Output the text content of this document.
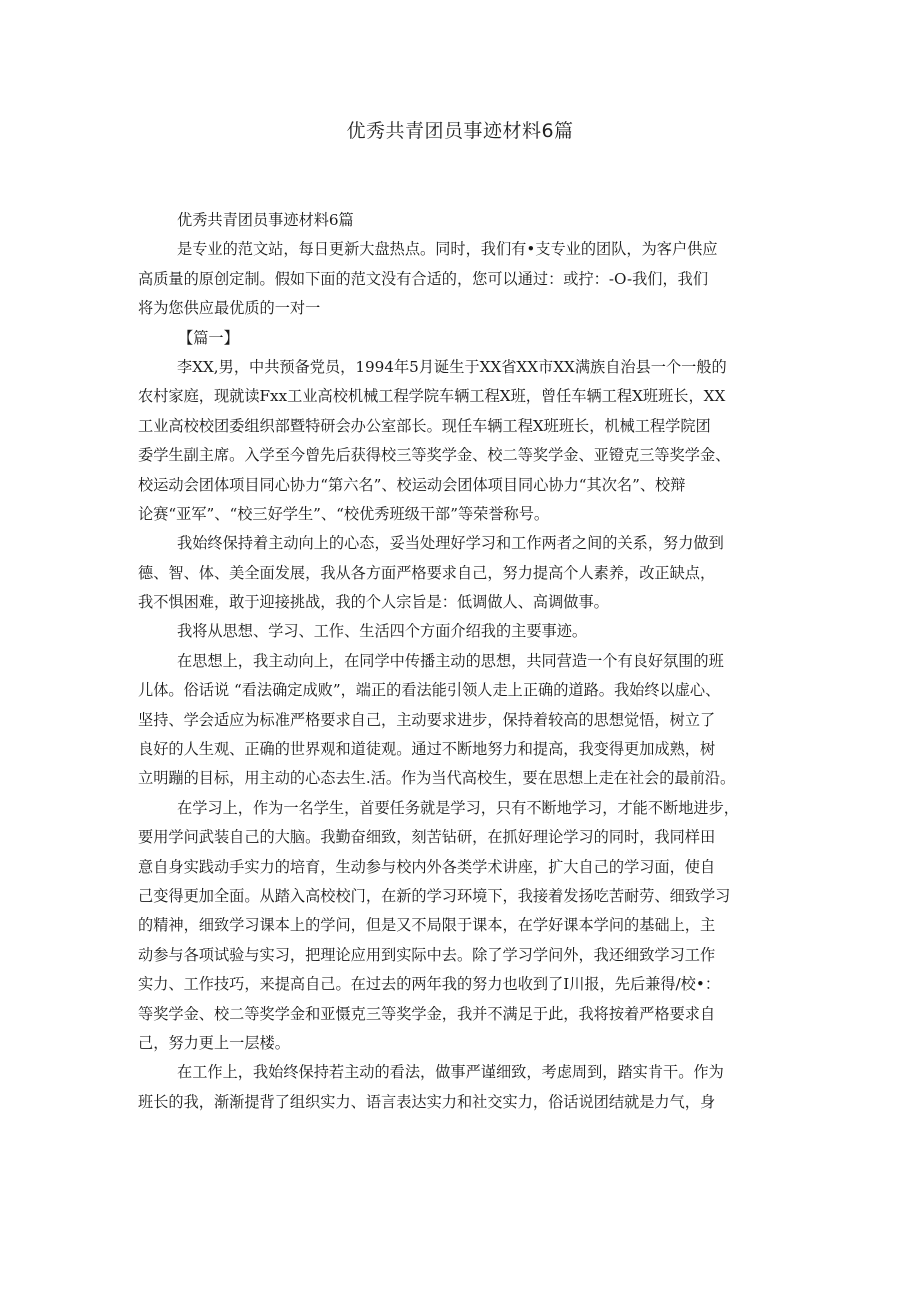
优秀共青团员事迹材料6篇
优秀共青团员事迹材料6篇
是专业的范文站，每日更新大盘热点。同时，我们有•支专业的团队，为客户供应
高质量的原创定制。假如下面的范文没有合适的，您可以通过：或拧：-O-我们，我们
将为您供应最优质的一对一
【篇一】
李XX,男，中共预备党员，1994年5月诞生于XX省XX市XX满族自治县一个一般的
农村家庭，现就读Fxx工业高校机械工程学院车辆工程X班，曾任车辆工程X班班长，XX
工业高校校团委组织部暨特研会办公室部长。现任车辆工程X班班长，机械工程学院团
委学生副主席。入学至今曾先后获得校三等奖学金、校二等奖学金、亚镫克三等奖学金、
校运动会团体项目同心协力“第六名”、校运动会团体项目同心协力“其次名”、校辩
论赛“亚军”、“校三好学生”、“校优秀班级干部”等荣誉称号。
我始终保持着主动向上的心态，妥当处理好学习和工作两者之间的关系，努力做到
德、智、体、美全面发展，我从各方面严格要求自己，努力提高个人素养，改正缺点，
我不惧困难，敢于迎接挑战，我的个人宗旨是：低调做人、高调做事。
我将从思想、学习、工作、生活四个方面介绍我的主要事迹。
在思想上，我主动向上，在同学中传播主动的思想，共同营造一个有良好氛围的班
儿体。俗话说 “看法确定成败”，端正的看法能引领人走上正确的道路。我始终以虚心、
坚持、学会适应为标准严格要求自己，主动要求进步，保持着较高的思想觉悟，树立了
良好的人生观、正确的世界观和道徒观。通过不断地努力和提高，我变得更加成熟，树
立明蹦的目标，用主动的心态去生.活。作为当代高校生，要在思想上走在社会的最前沿。
在学习上，作为一名学生，首要任务就是学习，只有不断地学习，才能不断地进步，
要用学问武装自己的大脑。我勤奋细致，刻苦钻研，在抓好理论学习的同时，我同样田
意自身实践动手实力的培育，生动参与校内外各类学术讲座，扩大自己的学习面，使自
己变得更加全面。从踏入高校校门，在新的学习环境下，我接着发扬吃苦耐劳、细致学习
的精神，细致学习课本上的学问，但是又不局限于课本，在学好课本学问的基础上，主
动参与各项试验与实习，把理论应用到实际中去。除了学习学问外，我还细致学习工作
实力、工作技巧，来提高自己。在过去的两年我的努力也收到了I川报，先后兼得/校•：
等奖学金、校二等奖学金和亚慑克三等奖学金，我并不满足于此，我将按着严格要求自
己，努力更上一层楼。
在工作上，我始终保持若主动的看法，做事严谨细致，考虑周到，踏实肯干。作为
班长的我，渐渐提背了组织实力、语言表达实力和社交实力，俗话说团结就是力气，身
